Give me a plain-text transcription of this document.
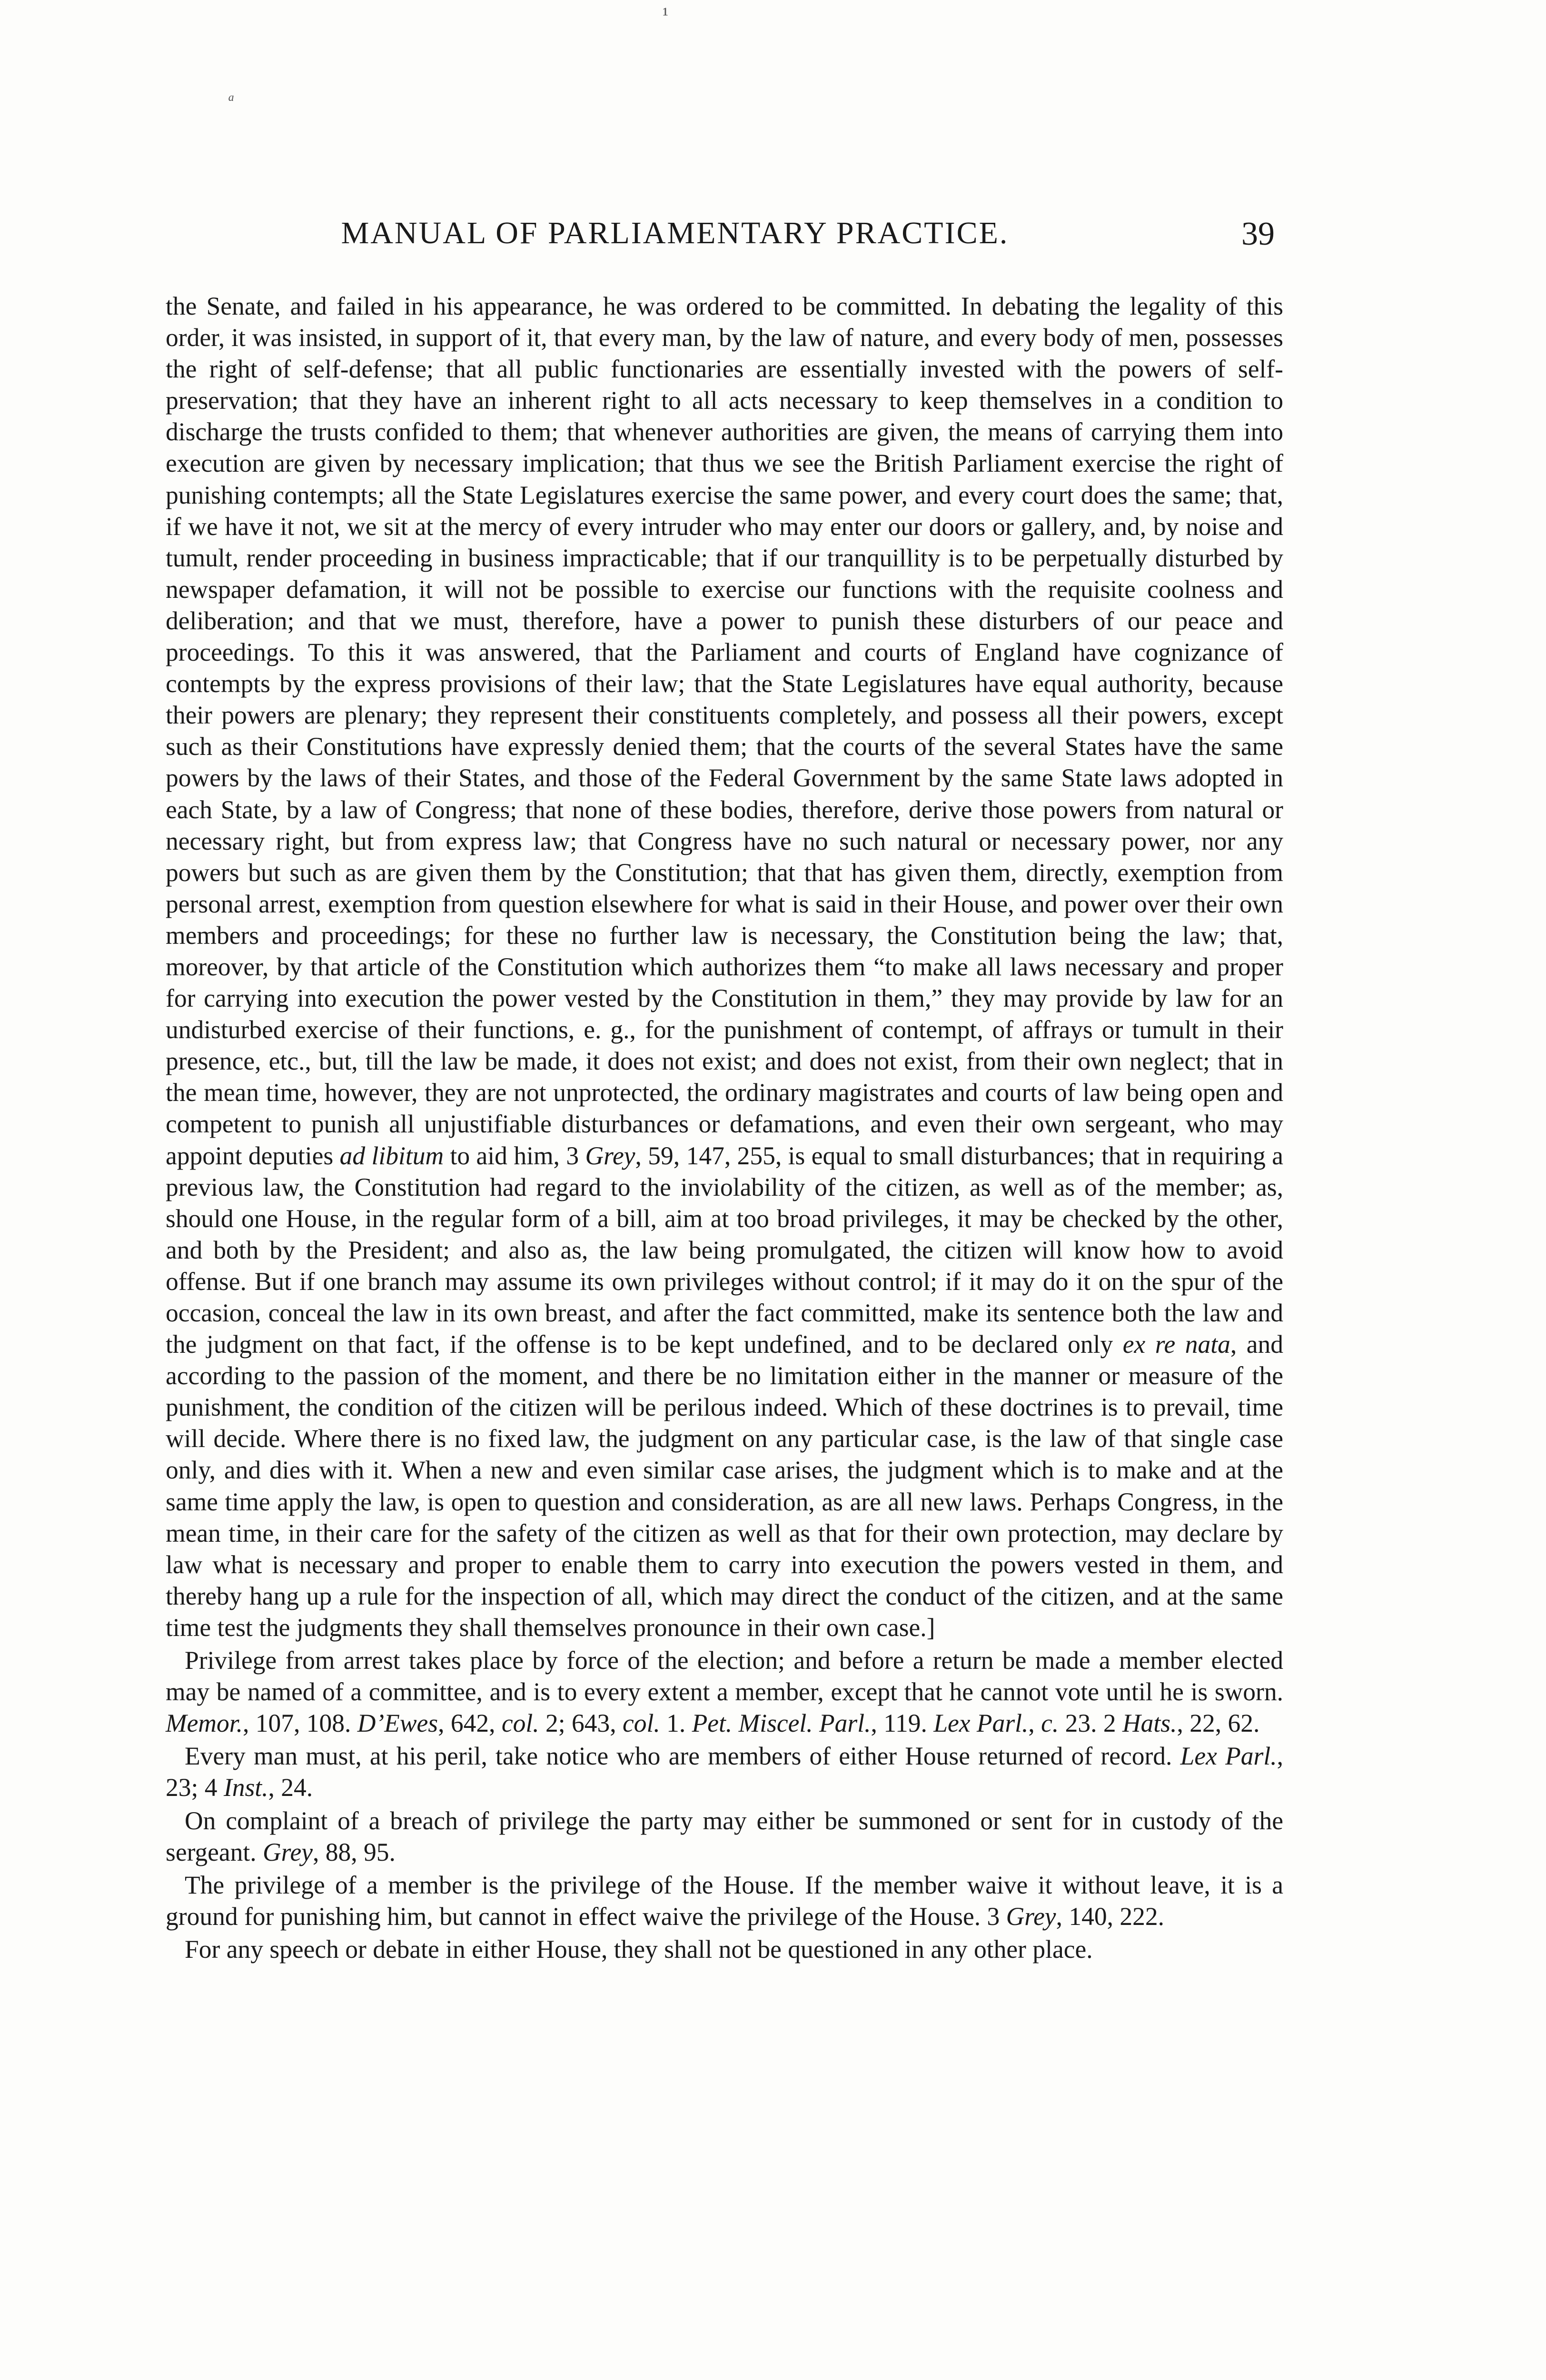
¹
ᵃ
MANUAL OF PARLIAMENTARY PRACTICE.	39

the Senate, and failed in his appearance, he was ordered to be committed. In debating the legality of this order, it was insisted, in support of it, that every man, by the law of nature, and every body of men, possesses the right of self-defense; that all public functionaries are essentially invested with the powers of self-preservation; that they have an inherent right to all acts necessary to keep themselves in a condition to discharge the trusts confided to them; that whenever authorities are given, the means of carrying them into execution are given by necessary implication; that thus we see the British Parliament exercise the right of punishing contempts; all the State Legislatures exercise the same power, and every court does the same; that, if we have it not, we sit at the mercy of every intruder who may enter our doors or gallery, and, by noise and tumult, render proceeding in business impracticable; that if our tranquillity is to be perpetually disturbed by newspaper defamation, it will not be possible to exercise our functions with the requisite coolness and deliberation; and that we must, therefore, have a power to punish these disturbers of our peace and proceedings. To this it was answered, that the Parliament and courts of England have cognizance of contempts by the express provisions of their law; that the State Legislatures have equal authority, because their powers are plenary; they represent their constituents completely, and possess all their powers, except such as their Constitutions have expressly denied them; that the courts of the several States have the same powers by the laws of their States, and those of the Federal Government by the same State laws adopted in each State, by a law of Congress; that none of these bodies, therefore, derive those powers from natural or necessary right, but from express law; that Congress have no such natural or necessary power, nor any powers but such as are given them by the Constitution; that that has given them, directly, exemption from personal arrest, exemption from question elsewhere for what is said in their House, and power over their own members and proceedings; for these no further law is necessary, the Constitution being the law; that, moreover, by that article of the Constitution which authorizes them “to make all laws necessary and proper for carrying into execution the power vested by the Constitution in them,” they may provide by law for an undisturbed exercise of their functions, e. g., for the punishment of contempt, of affrays or tumult in their presence, etc., but, till the law be made, it does not exist; and does not exist, from their own neglect; that in the mean time, however, they are not unprotected, the ordinary magistrates and courts of law being open and competent to punish all unjustifiable disturbances or defamations, and even their own sergeant, who may appoint deputies ad libitum to aid him, 3 Grey, 59, 147, 255, is equal to small disturbances; that in requiring a previous law, the Constitution had regard to the inviolability of the citizen, as well as of the member; as, should one House, in the regular form of a bill, aim at too broad privileges, it may be checked by the other, and both by the President; and also as, the law being promulgated, the citizen will know how to avoid offense. But if one branch may assume its own privileges without control; if it may do it on the spur of the occasion, conceal the law in its own breast, and after the fact committed, make its sentence both the law and the judgment on that fact, if the offense is to be kept undefined, and to be declared only ex re nata, and according to the passion of the moment, and there be no limitation either in the manner or measure of the punishment, the condition of the citizen will be perilous indeed. Which of these doctrines is to prevail, time will decide. Where there is no fixed law, the judgment on any particular case, is the law of that single case only, and dies with it. When a new and even similar case arises, the judgment which is to make and at the same time apply the law, is open to question and consideration, as are all new laws. Perhaps Congress, in the mean time, in their care for the safety of the citizen as well as that for their own protection, may declare by law what is necessary and proper to enable them to carry into execution the powers vested in them, and thereby hang up a rule for the inspection of all, which may direct the conduct of the citizen, and at the same time test the judgments they shall themselves pronounce in their own case.]

Privilege from arrest takes place by force of the election; and before a return be made a member elected may be named of a committee, and is to every extent a member, except that he cannot vote until he is sworn. Memor., 107, 108. D’Ewes, 642, col. 2; 643, col. 1. Pet. Miscel. Parl., 119. Lex Parl., c. 23. 2 Hats., 22, 62.

Every man must, at his peril, take notice who are members of either House returned of record. Lex Parl., 23; 4 Inst., 24.

On complaint of a breach of privilege the party may either be summoned or sent for in custody of the sergeant. Grey, 88, 95.

The privilege of a member is the privilege of the House. If the member waive it without leave, it is a ground for punishing him, but cannot in effect waive the privilege of the House. 3 Grey, 140, 222.

For any speech or debate in either House, they shall not be questioned in any other place.
